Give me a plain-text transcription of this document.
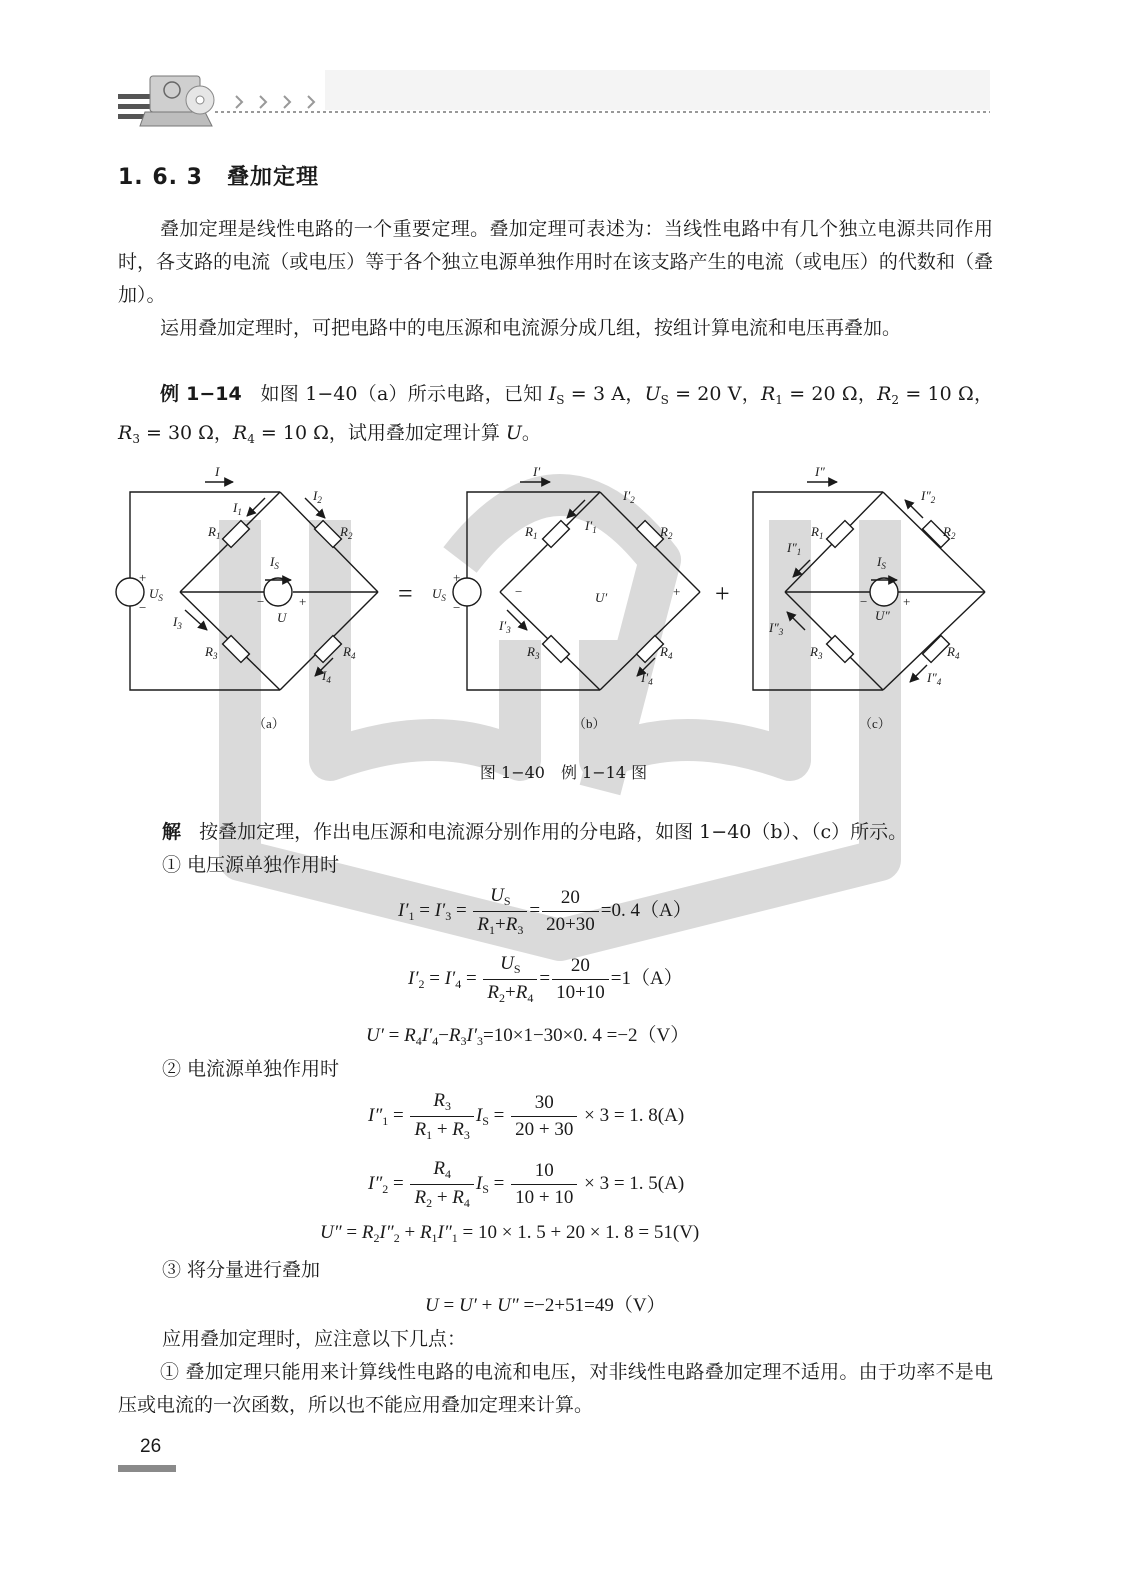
1. 6. 3 叠加定理
叠加定理是线性电路的一个重要定理。叠加定理可表述为：当线性电路中有几个独立电源共同作用时，各支路的电流（或电压）等于各个独立电源单独作用时在该支路产生的电流（或电压）的代数和（叠加）。
运用叠加定理时，可把电路中的电压源和电流源分成几组，按组计算电流和电压再叠加。
例 1−14 如图 1−40（a）所示电路，已知 $I_S = 3$ A，$U_S = 20$ V，$R_1 = 20$ Ω，$R_2 = 10$ Ω，$R_3 = 30$ Ω，$R_4 = 10$ Ω，试用叠加定理计算 U。
I
$I_1$
$I_2$
$R_1$	$R_2$
$I_S$
$U_S$
U
$I_3$
$R_3$	$R_4$
$I_4$
+
−	−	+
（a）
=
I′
$I'_2$
$I'_1$
$R_1$	$R_2$
$U_S$	U′
$I'_3$
$R_3$	$R_4$
$I'_4$
+
−
−	+
（b）
+
I″
$I''_2$
$R_1$	$R_2$
$I''_1$
$I_S$
U″
$I''_3$
$R_3$	$R_4$
$I''_4$
−	+
（c）
图 1−40　例 1−14 图
解 按叠加定理，作出电压源和电流源分别作用的分电路，如图 1−40（b）、（c）所示。
① 电压源单独作用时
$I'_1 = I'_3 = \frac{U_S}{R_1+R_3} = \frac{20}{20+30} =0$. 4（A）
$I'_2 = I'_4 = \frac{U_S}{R_2+R_4} = \frac{20}{10+10} =1(A)$
$U' = R_4I'_4-R_3I'_3=10\times 1-30\times 0$. 4 =−2（V）
② 电流源单独作用时
$I''_1 = \frac{R_3}{R_1 + R_3} I_S = \frac{30}{20 + 30} \times 3 = 1$. 8(A)
$I''_2 = \frac{R_4}{R_2 + R_4} I_S = \frac{10}{10 + 10} \times 3 = 1$. 5(A)
$U'' = R_2I''_2 + R_1I''_1 = 10 \times 1$. 5 + 20 × 1. 8 = 51(V)
③ 将分量进行叠加
U = U′ + U″ =−2+51=49（V）
应用叠加定理时，应注意以下几点：
① 叠加定理只能用来计算线性电路的电流和电压，对非线性电路叠加定理不适用。由于功率不是电压或电流的一次函数，所以也不能应用叠加定理来计算。
26
